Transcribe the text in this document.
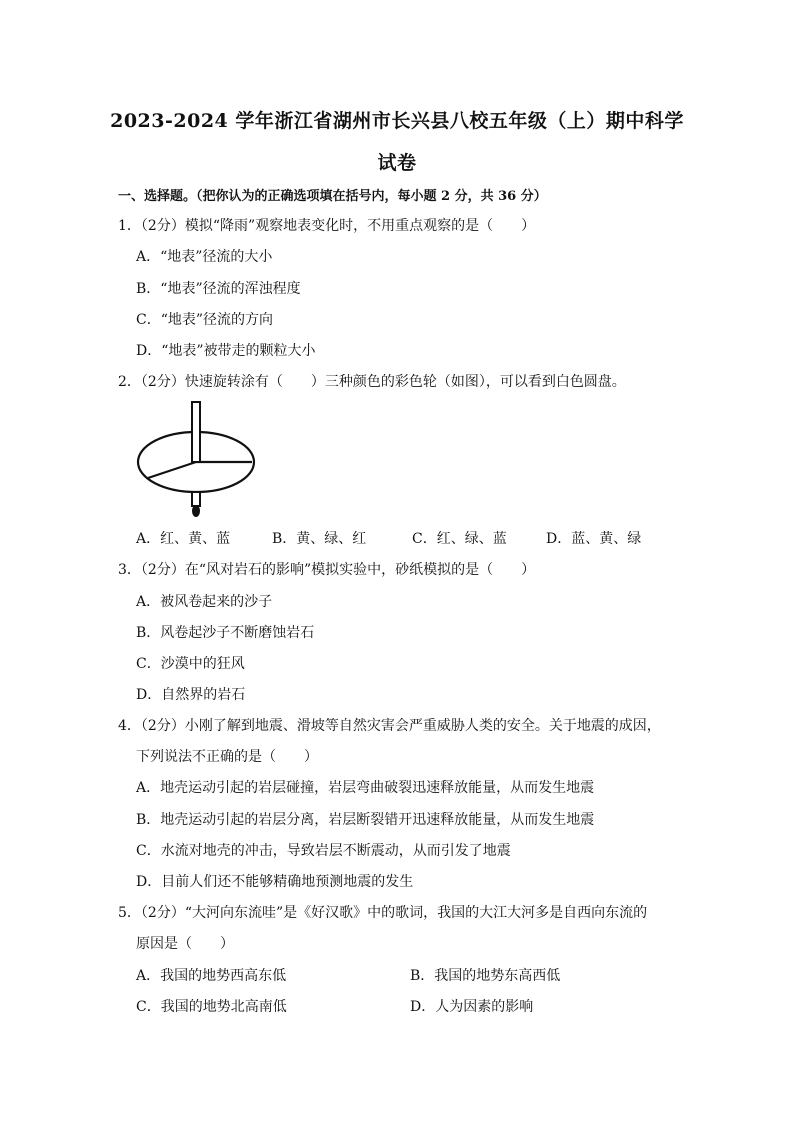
2023-2024 学年浙江省湖州市长兴县八校五年级（上）期中科学
试卷
一、选择题。（把你认为的正确选项填在括号内，每小题 2 分，共 36 分）
1．（2分）模拟“降雨”观察地表变化时，不用重点观察的是（　　）
A．“地表”径流的大小
B．“地表”径流的浑浊程度
C．“地表”径流的方向
D．“地表”被带走的颗粒大小
2．（2分）快速旋转涂有（　　）三种颜色的彩色轮（如图），可以看到白色圆盘。
A．红、黄、蓝	B．黄、绿、红	C．红、绿、蓝	D．蓝、黄、绿
3．（2分）在“风对岩石的影响”模拟实验中，砂纸模拟的是（　　）
A．被风卷起来的沙子
B．风卷起沙子不断磨蚀岩石
C．沙漠中的狂风
D．自然界的岩石
4．（2分）小刚了解到地震、滑坡等自然灾害会严重威胁人类的安全。关于地震的成因，
下列说法不正确的是（　　）
A．地壳运动引起的岩层碰撞，岩层弯曲破裂迅速释放能量，从而发生地震
B．地壳运动引起的岩层分离，岩层断裂错开迅速释放能量，从而发生地震
C．水流对地壳的冲击，导致岩层不断震动，从而引发了地震
D．目前人们还不能够精确地预测地震的发生
5．（2分）“大河向东流哇”是《好汉歌》中的歌词，我国的大江大河多是自西向东流的
原因是（　　）
A．我国的地势西高东低	B．我国的地势东高西低
C．我国的地势北高南低	D．人为因素的影响
